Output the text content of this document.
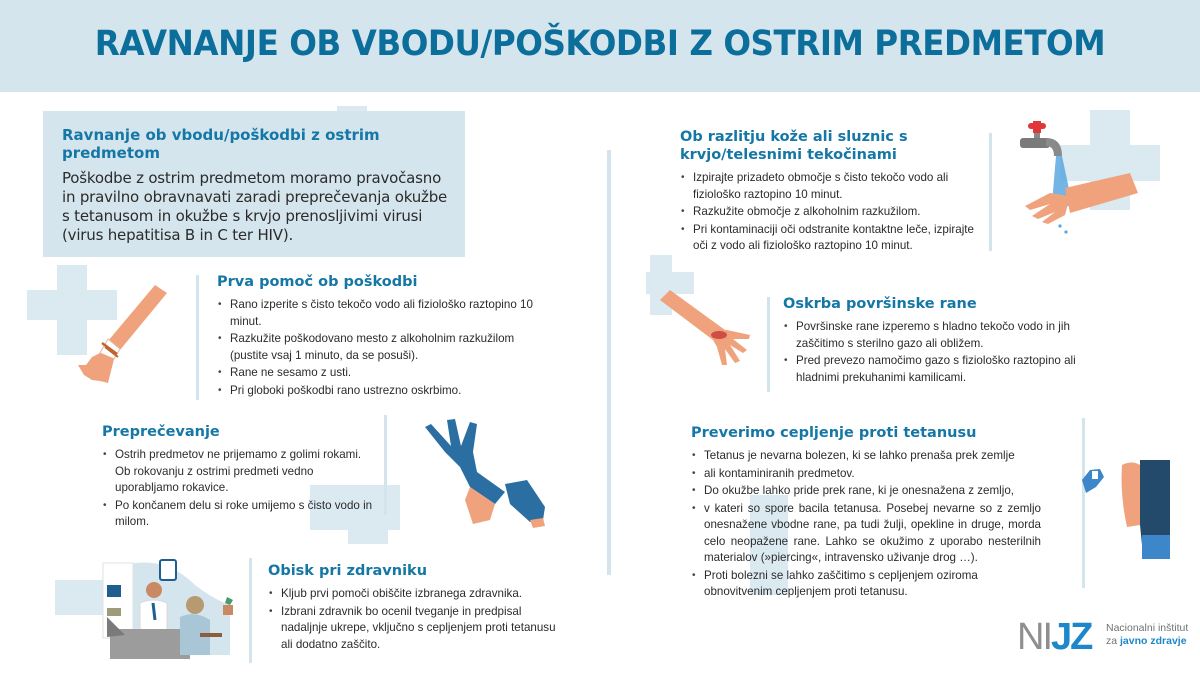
RAVNANJE OB VBODU/POŠKODBI Z OSTRIM PREDMETOM
Ravnanje ob vbodu/poškodbi z ostrim predmetom

Poškodbe z ostrim predmetom moramo pravočasno in pravilno obravnavati zaradi preprečevanja okužbe s tetanusom in okužbe s krvjo prenosljivimi virusi (virus hepatitisa B in C ter HIV).

Prva pomoč ob poškodbi
• Rano izperite s čisto tekočo vodo ali fiziološko raztopino 10 minut.
• Razkužite poškodovano mesto z alkoholnim razkužilom (pustite vsaj 1 minuto, da se posuši).
• Rane ne sesamo z usti.
• Pri globoki poškodbi rano ustrezno oskrbimo.
Preprečevanje
• Ostrih predmetov ne prijemamo z golimi rokami. Ob rokovanju z ostrimi predmeti vedno uporabljamo rokavice.
• Po končanem delu si roke umijemo s čisto vodo in milom.
Obisk pri zdravniku
• Kljub prvi pomoči obiščite izbranega zdravnika.
• Izbrani zdravnik bo ocenil tveganje in predpisal nadaljnje ukrepe, vključno s cepljenjem proti tetanusu ali dodatno zaščito.
Ob razlitju kože ali sluznic s krvjo/telesnimi tekočinami
• Izpirajte prizadeto območje s čisto tekočo vodo ali fiziološko raztopino 10 minut.
• Razkužite območje z alkoholnim razkužilom.
• Pri kontaminaciji oči odstranite kontaktne leče, izpirajte oči z vodo ali fiziološko raztopino 10 minut.
Oskrba površinske rane
• Površinske rane izperemo s hladno tekočo vodo in jih zaščitimo s sterilno gazo ali obližem.
• Pred prevezo namočimo gazo s fiziološko raztopino ali hladnimi prekuhanimi kamilicami.
Preverimo cepljenje proti tetanusu
• Tetanus je nevarna bolezen, ki se lahko prenaša prek zemlje
• ali kontaminiranih predmetov.
• Do okužbe lahko pride prek rane, ki je onesnažena z zemljo,
• v kateri so spore bacila tetanusa. Posebej nevarne so z zemljo onesnažene vbodne rane, pa tudi žulji, opekline in druge, morda celo neopažene rane. Lahko se okužimo z uporabo nesterilnih materialov (»piercing«, intravensko uživanje drog …).
• Proti bolezni se lahko zaščitimo s cepljenjem oziroma obnovitvenim cepljenjem proti tetanusu.
NIJZ Nacionalni inštitut
za javno zdravje
